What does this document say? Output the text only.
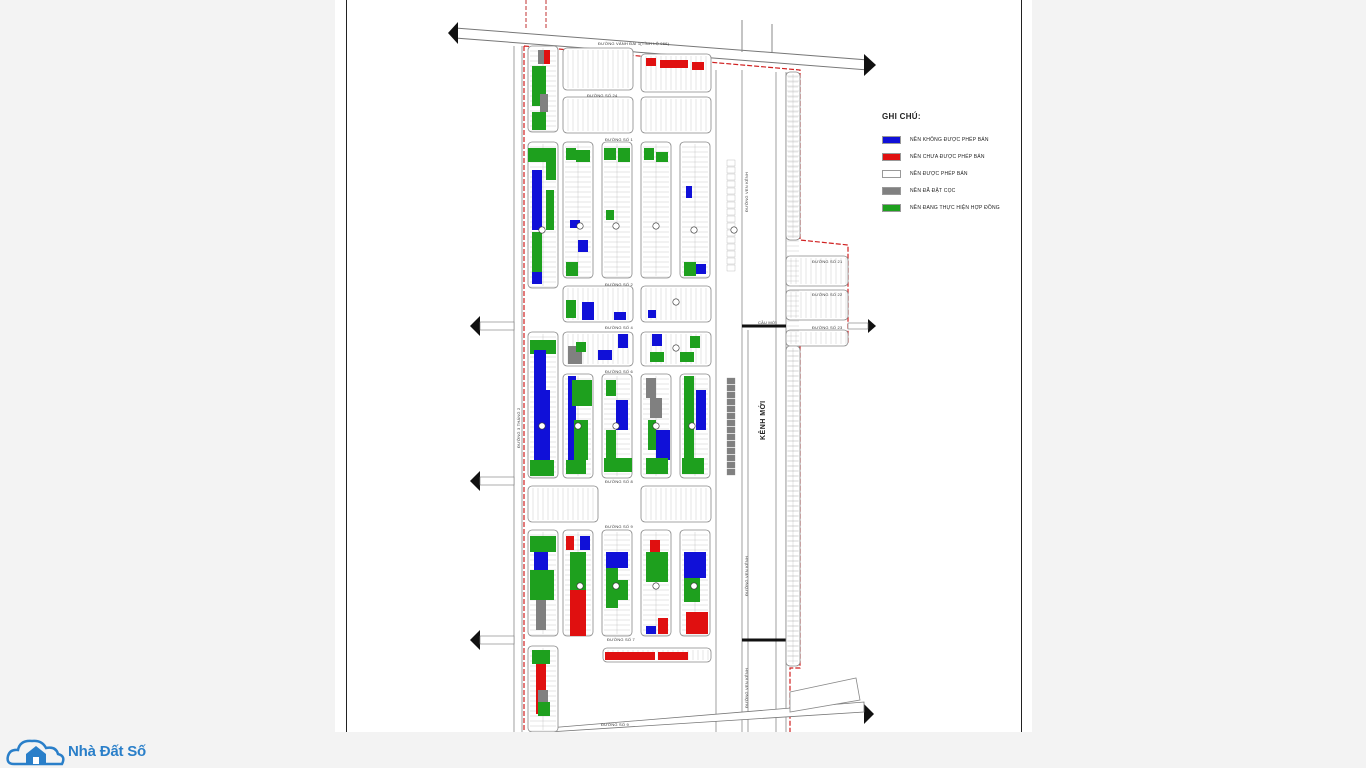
ĐƯỜNG VÀNH ĐAI 1(TỈNH LỘ 966)
ĐƯỜNG SỐ 24
ĐƯỜNG SỐ 1
ĐƯỜNG SỐ 2
ĐƯỜNG SỐ 4
ĐƯỜNG SỐ 6
ĐƯỜNG SỐ 8
ĐƯỜNG SỐ 9
ĐƯỜNG SỐ 7
ĐƯỜNG SỐ 9
ĐƯỜNG 3 THÁNG 2
ĐƯỜNG VEN KÊNH
ĐƯỜNG VEN KÊNH
ĐƯỜNG VEN KÊNH
ĐƯỜNG SỐ 21
ĐƯỜNG SỐ 22
ĐƯỜNG SỐ 23
CẦU MỚI
KÊNH MỚI
GHI CHÚ:
NỀN KHÔNG ĐƯỢC PHÉP BÁN
NỀN CHƯA ĐƯỢC PHÉP BÁN
NỀN ĐƯỢC PHÉP BÁN
NỀN ĐÃ ĐẶT CỌC
NỀN ĐANG THỰC HIỆN HỢP ĐỒNG
Nhà Đất Số
